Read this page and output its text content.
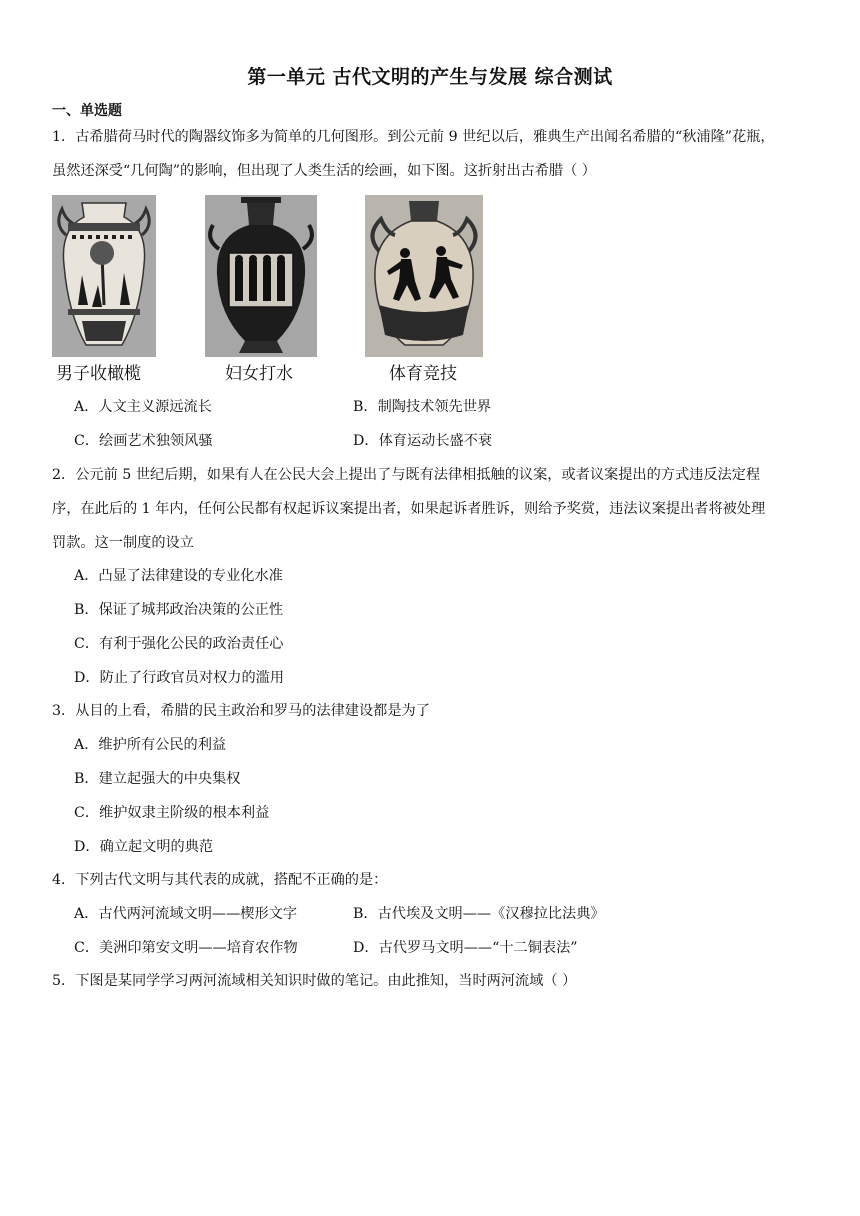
第一单元 古代文明的产生与发展 综合测试
一、单选题
1．古希腊荷马时代的陶器纹饰多为简单的几何图形。到公元前 9 世纪以后，雅典生产出闻名希腊的“秋浦隆”花瓶，
虽然还深受“几何陶”的影响，但出现了人类生活的绘画，如下图。这折射出古希腊（ ）
男子收橄榄	妇女打水	体育竞技
A．人文主义源远流长	B．制陶技术领先世界
C．绘画艺术独领风骚	D．体育运动长盛不衰
2．公元前 5 世纪后期，如果有人在公民大会上提出了与既有法律相抵触的议案，或者议案提出的方式违反法定程
序，在此后的 1 年内，任何公民都有权起诉议案提出者，如果起诉者胜诉，则给予奖赏，违法议案提出者将被处理
罚款。这一制度的设立
A．凸显了法律建设的专业化水准
B．保证了城邦政治决策的公正性
C．有利于强化公民的政治责任心
D．防止了行政官员对权力的滥用
3．从目的上看，希腊的民主政治和罗马的法律建设都是为了
A．维护所有公民的利益
B．建立起强大的中央集权
C．维护奴隶主阶级的根本利益
D．确立起文明的典范
4．下列古代文明与其代表的成就，搭配不正确的是：
A．古代两河流域文明——楔形文字	B．古代埃及文明——《汉穆拉比法典》
C．美洲印第安文明——培育农作物	D．古代罗马文明——“十二铜表法”
5．下图是某同学学习两河流域相关知识时做的笔记。由此推知，当时两河流域（ ）
